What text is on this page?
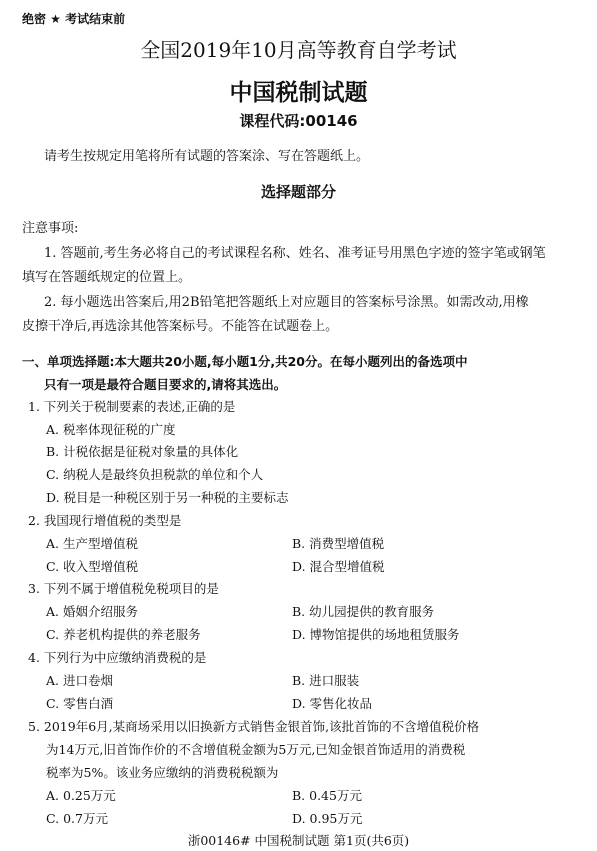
绝密 ★ 考试结束前
全国2019年10月高等教育自学考试
中国税制试题
课程代码:00146
请考生按规定用笔将所有试题的答案涂、写在答题纸上。
选择题部分
注意事项:
1. 答题前,考生务必将自己的考试课程名称、姓名、准考证号用黑色字迹的签字笔或钢笔
填写在答题纸规定的位置上。
2. 每小题选出答案后,用2B铅笔把答题纸上对应题目的答案标号涂黑。如需改动,用橡
皮擦干净后,再选涂其他答案标号。不能答在试题卷上。
一、单项选择题:本大题共20小题,每小题1分,共20分。在每小题列出的备选项中
只有一项是最符合题目要求的,请将其选出。
1. 下列关于税制要素的表述,正确的是
A. 税率体现征税的广度
B. 计税依据是征税对象量的具体化
C. 纳税人是最终负担税款的单位和个人
D. 税目是一种税区别于另一种税的主要标志
2. 我国现行增值税的类型是
A. 生产型增值税	B. 消费型增值税
C. 收入型增值税	D. 混合型增值税
3. 下列不属于增值税免税项目的是
A. 婚姻介绍服务	B. 幼儿园提供的教育服务
C. 养老机构提供的养老服务	D. 博物馆提供的场地租赁服务
4. 下列行为中应缴纳消费税的是
A. 进口卷烟	B. 进口服装
C. 零售白酒	D. 零售化妆品
5. 2019年6月,某商场采用以旧换新方式销售金银首饰,该批首饰的不含增值税价格
为14万元,旧首饰作价的不含增值税金额为5万元,已知金银首饰适用的消费税
税率为5%。该业务应缴纳的消费税税额为
A. 0.25万元	B. 0.45万元
C. 0.7万元	D. 0.95万元
浙00146# 中国税制试题 第1页(共6页)
